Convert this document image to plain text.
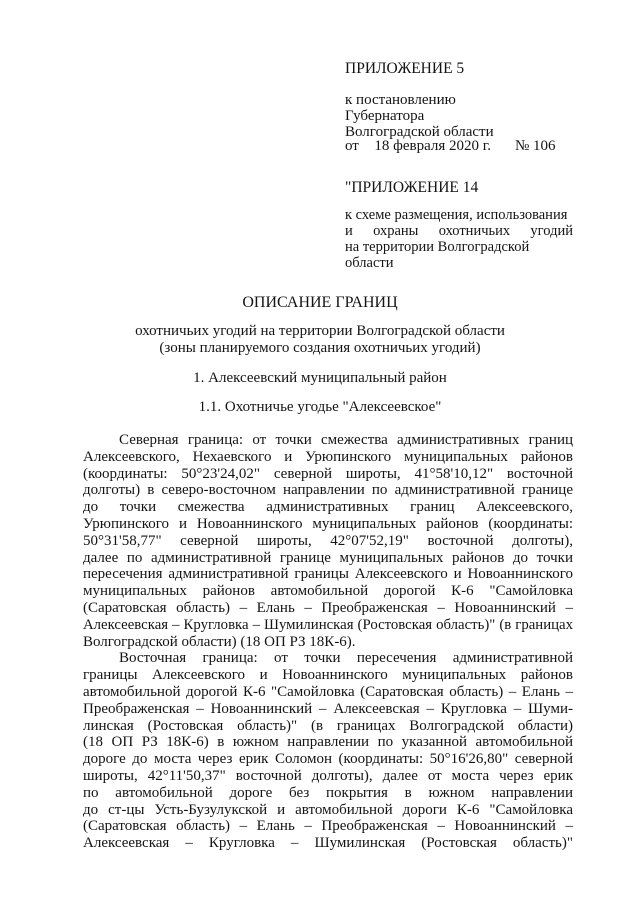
ПРИЛОЖЕНИЕ 5
к постановлению
Губернатора
Волгоградской области
от 18 февраля 2020 г. № 106
"ПРИЛОЖЕНИЕ 14
к схеме размещения, использования
и охраны охотничьих угодий
на территории Волгоградской области
ОПИСАНИЕ ГРАНИЦ
охотничьих угодий на территории Волгоградской области
(зоны планируемого создания охотничьих угодий)
1. Алексеевский муниципальный район
1.1. Охотничье угодье "Алексеевское"

Северная граница: от точки смежества административных границ
Алексеевского, Нехаевского и Урюпинского муниципальных районов
(координаты: 50°23'24,02" северной широты, 41°58'10,12" восточной
долготы) в северо-восточном направлении по административной границе
до точки смежества административных границ Алексеевского,
Урюпинского и Новоаннинского муниципальных районов (координаты:
50°31'58,77" северной широты, 42°07'52,19" восточной долготы),
далее по административной границе муниципальных районов до точки
пересечения административной границы Алексеевского и Новоаннинского
муниципальных районов автомобильной дорогой К-6 "Самойловка
(Саратовская область) – Елань – Преображенская – Новоаннинский –
Алексеевская – Кругловка – Шумилинская (Ростовская область)" (в границах
Волгоградской области) (18 ОП РЗ 18К-6).

Восточная граница: от точки пересечения административной
границы Алексеевского и Новоаннинского муниципальных районов
автомобильной дорогой К-6 "Самойловка (Саратовская область) – Елань –
Преображенская – Новоаннинский – Алексеевская – Кругловка – Шуми-
линская (Ростовская область)" (в границах Волгоградской области)
(18 ОП РЗ 18К-6) в южном направлении по указанной автомобильной
дороге до моста через ерик Соломон (координаты: 50°16'26,80" северной
широты, 42°11'50,37" восточной долготы), далее от моста через ерик
по автомобильной дороге без покрытия в южном направлении
до ст-цы Усть-Бузулукской и автомобильной дороги К-6 "Самойловка
(Саратовская область) – Елань – Преображенская – Новоаннинский –
Алексеевская – Кругловка – Шумилинская (Ростовская область)"
